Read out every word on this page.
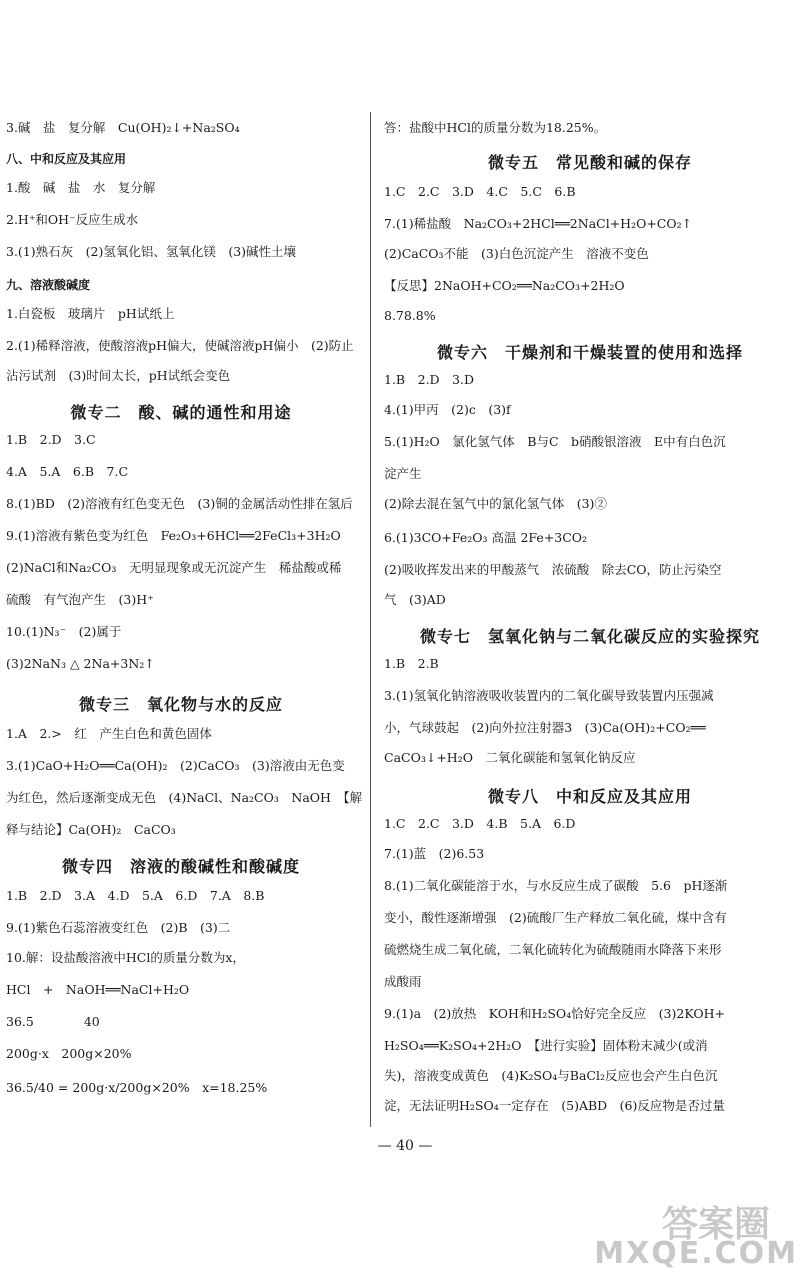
3.碱　盐　复分解　Cu(OH)₂↓+Na₂SO₄
八、中和反应及其应用
1.酸　碱　盐　水　复分解
2.H⁺和OH⁻反应生成水
3.(1)熟石灰　(2)氢氧化铝、氢氧化镁　(3)碱性土壤
九、溶液酸碱度
1.白瓷板　玻璃片　pH试纸上
2.(1)稀释溶液，使酸溶液pH偏大，使碱溶液pH偏小　(2)防止
沾污试剂　(3)时间太长，pH试纸会变色
微专二　酸、碱的通性和用途
1.B　2.D　3.C
4.A　5.A　6.B　7.C
8.(1)BD　(2)溶液有红色变无色　(3)铜的金属活动性排在氢后
9.(1)溶液有紫色变为红色　Fe₂O₃+6HCl══2FeCl₃+3H₂O
(2)NaCl和Na₂CO₃　无明显现象或无沉淀产生　稀盐酸或稀
硫酸　有气泡产生　(3)H⁺
10.(1)N₃⁻　(2)属于
(3)2NaN₃ △ 2Na+3N₂↑
微专三　氧化物与水的反应
1.A　2.>　红　产生白色和黄色固体
3.(1)CaO+H₂O══Ca(OH)₂　(2)CaCO₃　(3)溶液由无色变
为红色，然后逐渐变成无色　(4)NaCl、Na₂CO₃　NaOH　【解
释与结论】Ca(OH)₂　CaCO₃
微专四　溶液的酸碱性和酸碱度
1.B　2.D　3.A　4.D　5.A　6.D　7.A　8.B
9.(1)紫色石蕊溶液变红色　(2)B　(3)二
10.解：设盐酸溶液中HCl的质量分数为x，
HCl　+　NaOH══NaCl+H₂O
36.5　　　　40
200g·x　200g×20%
36.5/40 = 200g·x/200g×20%　x=18.25%
答：盐酸中HCl的质量分数为18.25%。
微专五　常见酸和碱的保存
1.C　2.C　3.D　4.C　5.C　6.B
7.(1)稀盐酸　Na₂CO₃+2HCl══2NaCl+H₂O+CO₂↑
(2)CaCO₃不能　(3)白色沉淀产生　溶液不变色
【反思】2NaOH+CO₂══Na₂CO₃+2H₂O
8.78.8%
微专六　干燥剂和干燥装置的使用和选择
1.B　2.D　3.D
4.(1)甲丙　(2)c　(3)f
5.(1)H₂O　氯化氢气体　B与C　b硝酸银溶液　E中有白色沉
淀产生
(2)除去混在氢气中的氯化氢气体　(3)②
6.(1)3CO+Fe₂O₃ 高温 2Fe+3CO₂
(2)吸收挥发出来的甲酸蒸气　浓硫酸　除去CO，防止污染空
气　(3)AD
微专七　氢氧化钠与二氧化碳反应的实验探究
1.B　2.B
3.(1)氢氧化钠溶液吸收装置内的二氧化碳导致装置内压强减
小，气球鼓起　(2)向外拉注射器3　(3)Ca(OH)₂+CO₂══
CaCO₃↓+H₂O　二氧化碳能和氢氧化钠反应
微专八　中和反应及其应用
1.C　2.C　3.D　4.B　5.A　6.D
7.(1)蓝　(2)6.53
8.(1)二氧化碳能溶于水，与水反应生成了碳酸　5.6　pH逐渐
变小，酸性逐渐增强　(2)硫酸厂生产释放二氧化硫，煤中含有
硫燃烧生成二氧化硫，二氧化硫转化为硫酸随雨水降落下来形
成酸雨
9.(1)a　(2)放热　KOH和H₂SO₄恰好完全反应　(3)2KOH+
H₂SO₄══K₂SO₄+2H₂O　【进行实验】固体粉末减少(或消
失)，溶液变成黄色　(4)K₂SO₄与BaCl₂反应也会产生白色沉
淀，无法证明H₂SO₄一定存在　(5)ABD　(6)反应物是否过量
— 40 —
答案圈
MXQE.COM
